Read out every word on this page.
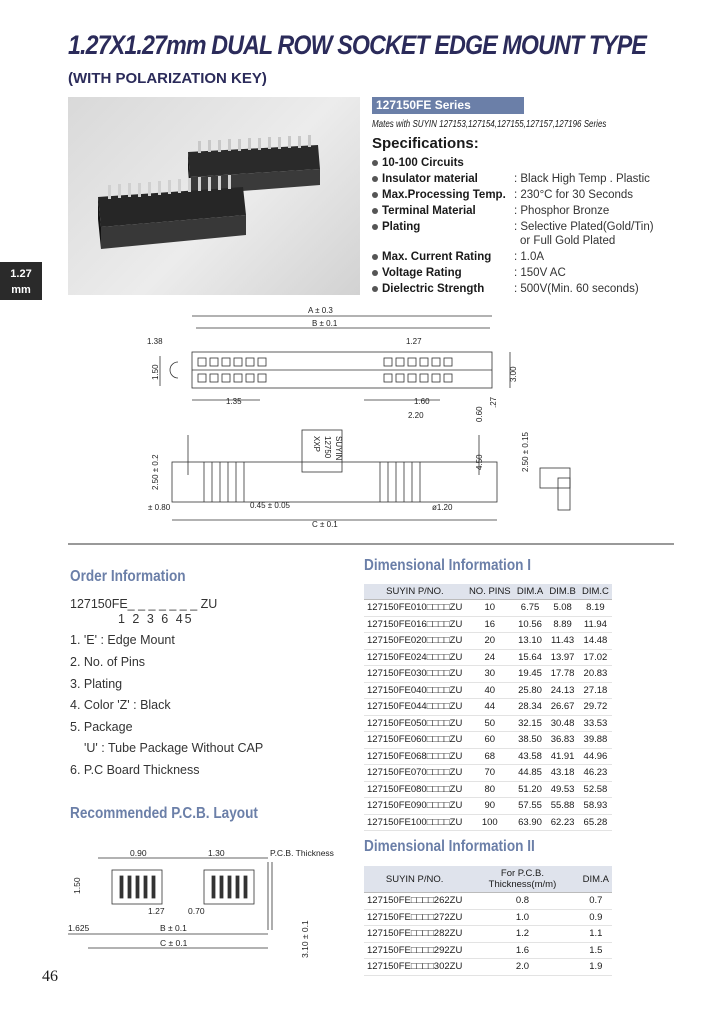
1.27X1.27mm DUAL ROW SOCKET EDGE MOUNT TYPE
(WITH POLARIZATION KEY)
1.27
mm
127150FE Series
Mates with SUYIN 127153,127154,127155,127157,127196 Series
Specifications:
10-100 Circuits
Insulator material	: Black High Temp . Plastic
Max.Processing Temp. : 230°C for 30 Seconds
Terminal Material	: Phosphor Bronze
Plating	: Selective Plated(Gold/Tin)
or Full Gold Plated
Max. Current Rating : 1.0A
Voltage Rating	: 150V AC
Dielectric Strength	: 500V(Min. 60 seconds)
A ± 0.3
B ± 0.1
1.38	1.27
1.50	3.00
1.35	1.60
2.20	0.60
.27
2.50 ± 0.2	4.50	2.50 ± 0.15
± 0.80	0.45 ± 0.05	ø1.20
C ± 0.1
SUYIN
12750
XXP
Order Information
127150FE_ _ _ _ _ _ _ ZU
1 2 3 6 45
1. 'E' : Edge Mount
2. No. of Pins
3. Plating
4. Color 'Z' : Black
5. Package
'U' : Tube Package Without CAP
6. P.C Board Thickness
Recommended P.C.B. Layout
0.90	1.30	P.C.B. Thickness
1.50
1.27	0.70
1.625	B ± 0.1
C ± 0.1	3.10 ± 0.1
Dimensional Information I
SUYIN P/NO.	NO. PINS	DIM.A	DIM.B	DIM.C
127150FE010□□□□ZU	10	6.75	5.08	8.19
127150FE016□□□□ZU	16	10.56	8.89	11.94
127150FE020□□□□ZU	20	13.10	11.43	14.48
127150FE024□□□□ZU	24	15.64	13.97	17.02
127150FE030□□□□ZU	30	19.45	17.78	20.83
127150FE040□□□□ZU	40	25.80	24.13	27.18
127150FE044□□□□ZU	44	28.34	26.67	29.72
127150FE050□□□□ZU	50	32.15	30.48	33.53
127150FE060□□□□ZU	60	38.50	36.83	39.88
127150FE068□□□□ZU	68	43.58	41.91	44.96
127150FE070□□□□ZU	70	44.85	43.18	46.23
127150FE080□□□□ZU	80	51.20	49.53	52.58
127150FE090□□□□ZU	90	57.55	55.88	58.93
127150FE100□□□□ZU	100	63.90	62.23	65.28
Dimensional Information II
SUYIN P/NO.	For P.C.B. Thickness(m/m)	DIM.A
127150FE□□□□262ZU	0.8	0.7
127150FE□□□□272ZU	1.0	0.9
127150FE□□□□282ZU	1.2	1.1
127150FE□□□□292ZU	1.6	1.5
127150FE□□□□302ZU	2.0	1.9
46
